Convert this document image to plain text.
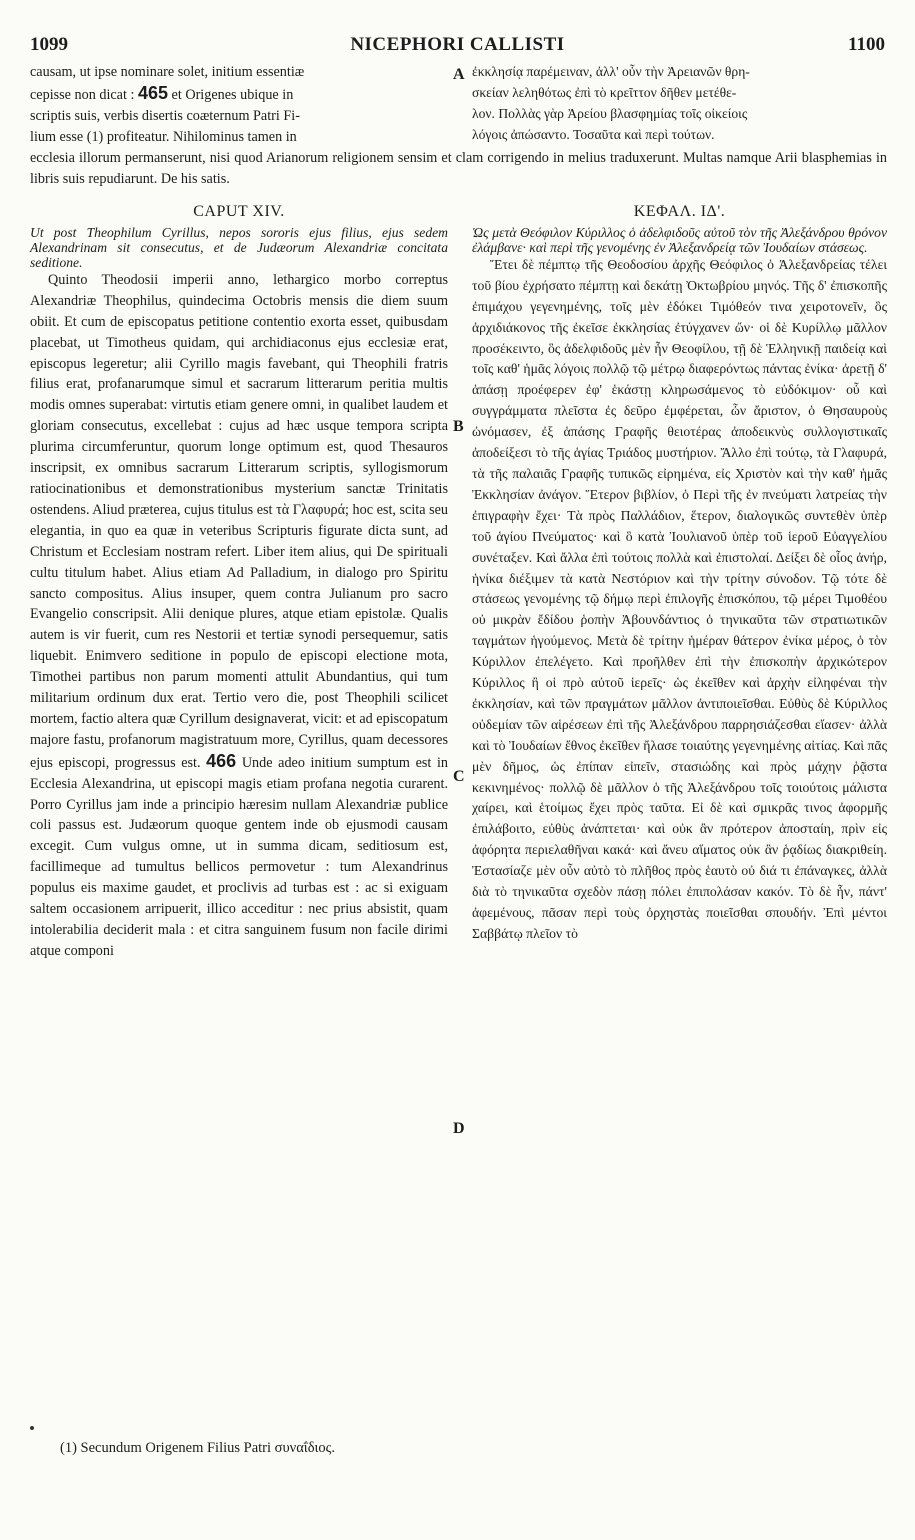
1099	NICEPHORI CALLISTI	1100
A
B
C
D

causam, ut ipse nominare solet, initium essentiæ

cepisse non dicat : 465 et Origenes ubique in

scriptis suis, verbis disertis coæternum Patri Fi-

lium esse (1) profiteatur. Nihilominus tamen in

ἐκκλησίᾳ παρέμειναν, ἀλλ' οὖν τὴν Ἀρειανῶν θρη-

σκείαν λεληθότως ἐπὶ τὸ κρεῖττον δῆθεν μετέθε-

λον. Πολλὰς γὰρ Ἀρείου βλασφημίας τοῖς οἰκείοις

λόγοις ἀπώσαντο. Τοσαῦτα καὶ περὶ τούτων.

ecclesia illorum permanserunt, nisi quod Arianorum religionem sensim et clam corrigendo in melius traduxerunt. Multas namque Arii blasphemias in libris suis repudiarunt. De his satis.

CAPUT XIV.

Ut post Theophilum Cyrillus, nepos sororis ejus filius, ejus sedem Alexandrinam sit consecutus, et de Judæorum Alexandriæ concitata seditione.

Quinto Theodosii imperii anno, lethargico morbo correptus Alexandriæ Theophilus, quindecima Octobris mensis die diem suum obiit. Et cum de episcopatus petitione contentio exorta esset, quibusdam placebat, ut Timotheus quidam, qui archidiaconus ejus ecclesiæ erat, episcopus legeretur; alii Cyrillo magis favebant, qui Theophili fratris filius erat, profanarumque simul et sacrarum litterarum peritia multis modis omnes superabat: virtutis etiam genere omni, in qualibet laudem et gloriam consecutus, excellebat : cujus ad hæc usque tempora scripta plurima circumferuntur, quorum longe optimum est, quod Thesauros inscripsit, ex omnibus sacrarum Litterarum scriptis, syllogismorum ratiocinationibus et demonstrationibus mysterium sanctæ Trinitatis ostendens. Aliud præterea, cujus titulus est τὰ Γλαφυρά; hoc est, scita seu elegantia, in quo ea quæ in veteribus Scripturis figurate dicta sunt, ad Christum et Ecclesiam nostram refert. Liber item alius, qui De spirituali cultu titulum habet. Alius etiam Ad Palladium, in dialogo pro Spiritu sancto compositus. Alius insuper, quem contra Julianum pro sacro Evangelio conscripsit. Alii denique plures, atque etiam epistolæ. Qualis autem is vir fuerit, cum res Nestorii et tertiæ synodi persequemur, satis liquebit. Enimvero seditione in populo de episcopi electione mota, Timothei partibus non parum momenti attulit Abundantius, qui tum militarium ordinum dux erat. Tertio vero die, post Theophili scilicet mortem, factio altera quæ Cyrillum designaverat, vicit: et ad episcopatum majore fastu, profanorum magistratuum more, Cyrillus, quam decessores ejus episcopi, progressus est. 466 Unde adeo initium sumptum est in Ecclesia Alexandrina, ut episcopi magis etiam profana negotia curarent. Porro Cyrillus jam inde a principio hæresim nullam Alexandriæ publice coli passus est. Judæorum quoque gentem inde ob ejusmodi causam excegit. Cum vulgus omne, ut in summa dicam, seditiosum est, facillimeque ad tumultus bellicos permovetur : tum Alexandrinus populus eis maxime gaudet, et proclivis ad turbas est : ac si exiguam saltem occasionem arripuerit, illico acceditur : nec prius absistit, quam intolerabilia deciderit mala : et citra sanguinem fusum non facile dirimi atque componi

ΚΕΦΑΛ. ΙΔ'.

Ὡς μετὰ Θεόφιλον Κύριλλος ὁ ἀδελφιδοῦς αὐτοῦ τὸν τῆς Ἀλεξάνδρου θρόνον ἐλάμβανε· καὶ περὶ τῆς γενομένης ἐν Ἀλεξανδρείᾳ τῶν Ἰουδαίων στάσεως.

Ἔτει δὲ πέμπτῳ τῆς Θεοδοσίου ἀρχῆς Θεόφιλος ὁ Ἀλεξανδρείας τέλει τοῦ βίου ἐχρήσατο πέμπτῃ καὶ δεκάτῃ Ὀκτωβρίου μηνός. Τῆς δ' ἐπισκοπῆς ἐπιμάχου γεγενημένης, τοῖς μὲν ἐδόκει Τιμόθεόν τινα χειροτονεῖν, ὃς ἀρχιδιάκονος τῆς ἐκεῖσε ἐκκλησίας ἐτύγχανεν ὤν· οἱ δὲ Κυρίλλῳ μᾶλλον προσέκειντο, ὃς ἀδελφιδοῦς μὲν ἦν Θεοφίλου, τῇ δὲ Ἑλληνικῇ παιδείᾳ καὶ τοῖς καθ' ἡμᾶς λόγοις πολλῷ τῷ μέτρῳ διαφερόντως πάντας ἐνίκα· ἀρετῇ δ' ἁπάσῃ προέφερεν ἐφ' ἑκάστῃ κληρωσάμενος τὸ εὐδόκιμον· οὗ καὶ συγγράμματα πλεῖστα ἐς δεῦρο ἐμφέρεται, ὧν ἄριστον, ὁ Θησαυροὺς ὠνόμασεν, ἐξ ἁπάσης Γραφῆς θειοτέρας ἀποδεικνὺς συλλογιστικαῖς ἀποδείξεσι τὸ τῆς ἁγίας Τριάδος μυστήριον. Ἄλλο ἐπὶ τούτῳ, τὰ Γλαφυρά, τὰ τῆς παλαιᾶς Γραφῆς τυπικῶς εἰρημένα, εἰς Χριστὸν καὶ τὴν καθ' ἡμᾶς Ἐκκλησίαν ἀνάγον. Ἕτερον βιβλίον, ὁ Περὶ τῆς ἐν πνεύματι λατρείας τὴν ἐπιγραφὴν ἔχει· Τὰ πρὸς Παλλάδιον, ἕτερον, διαλογικῶς συντεθὲν ὑπὲρ τοῦ ἁγίου Πνεύματος· καὶ ὃ κατὰ Ἰουλιανοῦ ὑπὲρ τοῦ ἱεροῦ Εὐαγγελίου συνέταξεν. Καὶ ἄλλα ἐπὶ τούτοις πολλὰ καὶ ἐπιστολαί. Δείξει δὲ οἷος ἀνήρ, ἡνίκα διέξιμεν τὰ κατὰ Νεστόριον καὶ τὴν τρίτην σύνοδον. Τῷ τότε δὲ στάσεως γενομένης τῷ δήμῳ περὶ ἐπιλογῆς ἐπισκόπου, τῷ μέρει Τιμοθέου οὐ μικρὰν ἔδίδου ῥοπὴν Ἀβουνδάντιος ὁ τηνικαῦτα τῶν στρατιωτικῶν ταγμάτων ἡγούμενος. Μετὰ δὲ τρίτην ἡμέραν θάτερον ἐνίκα μέρος, ὁ τὸν Κύριλλον ἐπελέγετο. Καὶ προῆλθεν ἐπὶ τὴν ἐπισκοπὴν ἀρχικώτερον Κύριλλος ἢ οἱ πρὸ αὐτοῦ ἱερεῖς· ὡς ἐκεῖθεν καὶ ἀρχὴν εἰληφέναι τὴν ἐκκλησίαν, καὶ τῶν πραγμάτων μᾶλλον ἀντιποιεῖσθαι. Εὐθὺς δὲ Κύριλλος οὐδεμίαν τῶν αἱρέσεων ἐπὶ τῆς Ἀλεξάνδρου παρρησιάζεσθαι εἴασεν· ἀλλὰ καὶ τὸ Ἰουδαίων ἔθνος ἐκεῖθεν ἤλασε τοιαύτης γεγενημένης αἰτίας. Καὶ πᾶς μὲν δῆμος, ὡς ἐπίπαν εἰπεῖν, στασιώδης καὶ πρὸς μάχην ῥᾷστα κεκινημένος· πολλῷ δὲ μᾶλλον ὁ τῆς Ἀλεξάνδρου τοῖς τοιούτοις μάλιστα χαίρει, καὶ ἑτοίμως ἔχει πρὸς ταῦτα. Εἰ δὲ καὶ σμικρᾶς τινος ἀφορμῆς ἐπιλάβοιτο, εὐθὺς ἀνάπτεται· καὶ οὐκ ἂν πρότερον ἀποσταίη, πρὶν εἰς ἀφόρητα περιελαθῆναι κακά· καὶ ἄνευ αἵματος οὐκ ἂν ῥᾳδίως διακριθείη. Ἐστασίαζε μὲν οὖν αὐτὸ τὸ πλῆθος πρὸς ἑαυτὸ οὐ διά τι ἐπάναγκες, ἀλλὰ διὰ τὸ τηνικαῦτα σχεδὸν πάσῃ πόλει ἐπιπολάσαν κακόν. Τὸ δὲ ἦν, πάντ' ἀφεμένους, πᾶσαν περὶ τοὺς ὀρχηστὰς ποιεῖσθαι σπουδήν. Ἐπὶ μέντοι Σαββάτῳ πλεῖον τὸ

(1) Secundum Origenem Filius Patri συναΐδιος.
